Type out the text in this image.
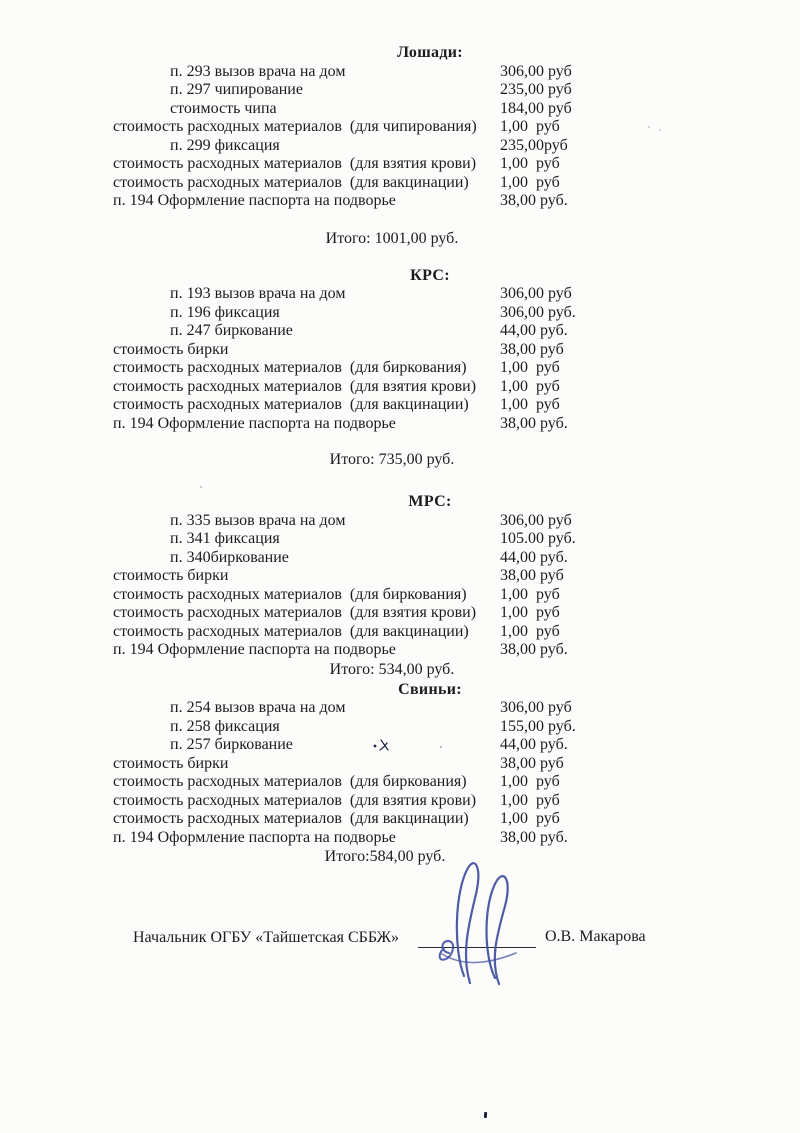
Лошади:
п. 293 вызов врача на дом	306,00 руб
п. 297 чипирование	235,00 руб
стоимость чипа	184,00 руб
стоимость расходных материалов  (для чипирования) 1,00  руб
п. 299 фиксация	235,00руб
стоимость расходных материалов  (для взятия крови) 1,00  руб
стоимость расходных материалов  (для вакцинации) 1,00  руб
п. 194 Оформление паспорта на подворье	38,00 руб.
Итого: 1001,00 руб.
КРС:
п. 193 вызов врача на дом	306,00 руб
п. 196 фиксация	306,00 руб.
п. 247 биркование	44,00 руб.
стоимость бирки	38,00 руб
стоимость расходных материалов  (для биркования) 1,00  руб
стоимость расходных материалов  (для взятия крови) 1,00  руб
стоимость расходных материалов  (для вакцинации) 1,00  руб
п. 194 Оформление паспорта на подворье	38,00 руб.
Итого: 735,00 руб.
МРС:
п. 335 вызов врача на дом	306,00 руб
п. 341 фиксация	105.00 руб.
п. 340биркование	44,00 руб.
стоимость бирки	38,00 руб
стоимость расходных материалов  (для биркования) 1,00  руб
стоимость расходных материалов  (для взятия крови) 1,00  руб
стоимость расходных материалов  (для вакцинации) 1,00  руб
п. 194 Оформление паспорта на подворье	38,00 руб.
Итого: 534,00 руб.
Свиньи:
п. 254 вызов врача на дом	306,00 руб
п. 258 фиксация	155,00 руб.
п. 257 биркование	44,00 руб.
стоимость бирки	38,00 руб
стоимость расходных материалов  (для биркования) 1,00  руб
стоимость расходных материалов  (для взятия крови) 1,00  руб
стоимость расходных материалов  (для вакцинации) 1,00  руб
п. 194 Оформление паспорта на подворье	38,00 руб.
Итого:584,00 руб.
Начальник ОГБУ «Тайшетская СББЖ»	О.В. Макарова
